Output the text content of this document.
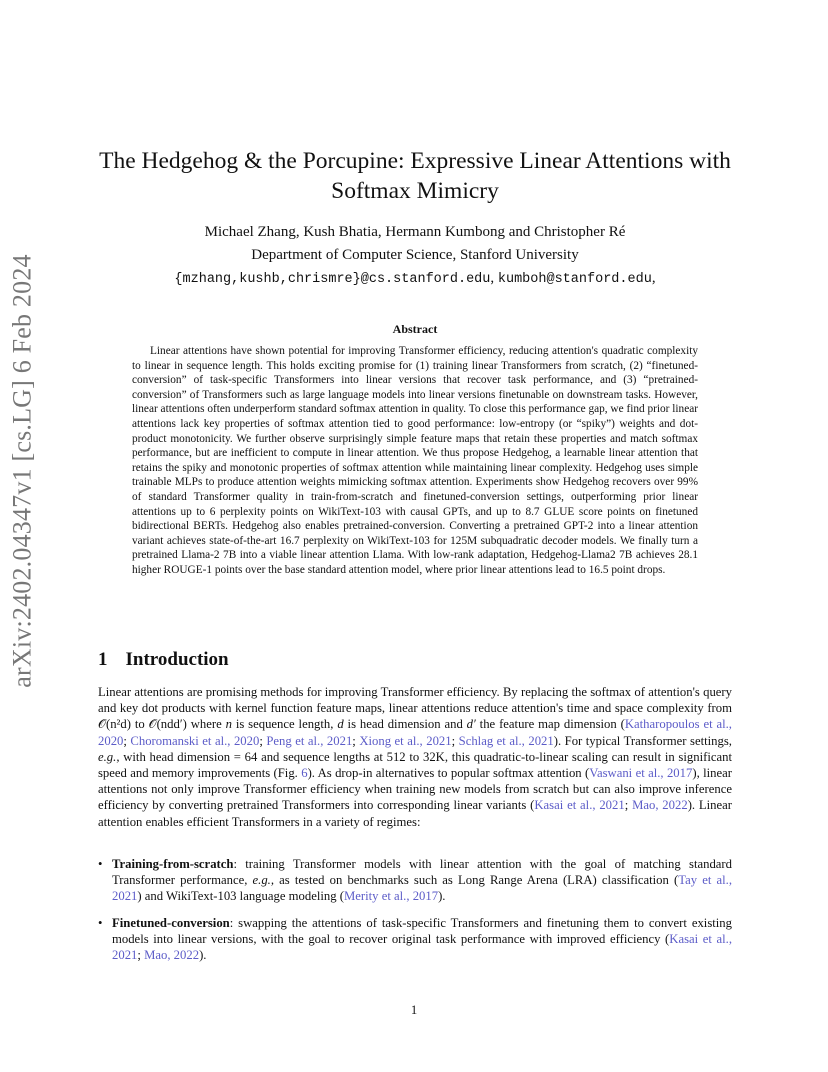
arXiv:2402.04347v1 [cs.LG] 6 Feb 2024
The Hedgehog & the Porcupine: Expressive Linear Attentions with Softmax Mimicry

Michael Zhang, Kush Bhatia, Hermann Kumbong and Christopher Ré

Department of Computer Science, Stanford University

{mzhang,kushb,chrismre}@cs.stanford.edu, kumboh@stanford.edu,

Abstract

Linear attentions have shown potential for improving Transformer efficiency, reducing attention's quadratic complexity to linear in sequence length. This holds exciting promise for (1) training linear Transformers from scratch, (2) “finetuned-conversion” of task-specific Transformers into linear versions that recover task performance, and (3) “pretrained-conversion” of Transformers such as large language models into linear versions finetunable on downstream tasks. However, linear attentions often underperform standard softmax attention in quality. To close this performance gap, we find prior linear attentions lack key properties of softmax attention tied to good performance: low-entropy (or “spiky”) weights and dot-product monotonicity. We further observe surprisingly simple feature maps that retain these properties and match softmax performance, but are inefficient to compute in linear attention. We thus propose Hedgehog, a learnable linear attention that retains the spiky and monotonic properties of softmax attention while maintaining linear complexity. Hedgehog uses simple trainable MLPs to produce attention weights mimicking softmax attention. Experiments show Hedgehog recovers over 99% of standard Transformer quality in train-from-scratch and finetuned-conversion settings, outperforming prior linear attentions up to 6 perplexity points on WikiText-103 with causal GPTs, and up to 8.7 GLUE score points on finetuned bidirectional BERTs. Hedgehog also enables pretrained-conversion. Converting a pretrained GPT-2 into a linear attention variant achieves state-of-the-art 16.7 perplexity on WikiText-103 for 125M subquadratic decoder models. We finally turn a pretrained Llama-2 7B into a viable linear attention Llama. With low-rank adaptation, Hedgehog-Llama2 7B achieves 28.1 higher ROUGE-1 points over the base standard attention model, where prior linear attentions lead to 16.5 point drops.

1 Introduction

Linear attentions are promising methods for improving Transformer efficiency. By replacing the softmax of attention's query and key dot products with kernel function feature maps, linear attentions reduce attention's time and space complexity from 𝒪(n²d) to 𝒪(ndd′) where n is sequence length, d is head dimension and d′ the feature map dimension (Katharopoulos et al., 2020; Choromanski et al., 2020; Peng et al., 2021; Xiong et al., 2021; Schlag et al., 2021). For typical Transformer settings, e.g., with head dimension = 64 and sequence lengths at 512 to 32K, this quadratic-to-linear scaling can result in significant speed and memory improvements (Fig. 6). As drop-in alternatives to popular softmax attention (Vaswani et al., 2017), linear attentions not only improve Transformer efficiency when training new models from scratch but can also improve inference efficiency by converting pretrained Transformers into corresponding linear variants (Kasai et al., 2021; Mao, 2022). Linear attention enables efficient Transformers in a variety of regimes:

• Training-from-scratch: training Transformer models with linear attention with the goal of matching standard Transformer performance, e.g., as tested on benchmarks such as Long Range Arena (LRA) classification (Tay et al., 2021) and WikiText-103 language modeling (Merity et al., 2017).
• Finetuned-conversion: swapping the attentions of task-specific Transformers and finetuning them to convert existing models into linear versions, with the goal to recover original task performance with improved efficiency (Kasai et al., 2021; Mao, 2022).

1
